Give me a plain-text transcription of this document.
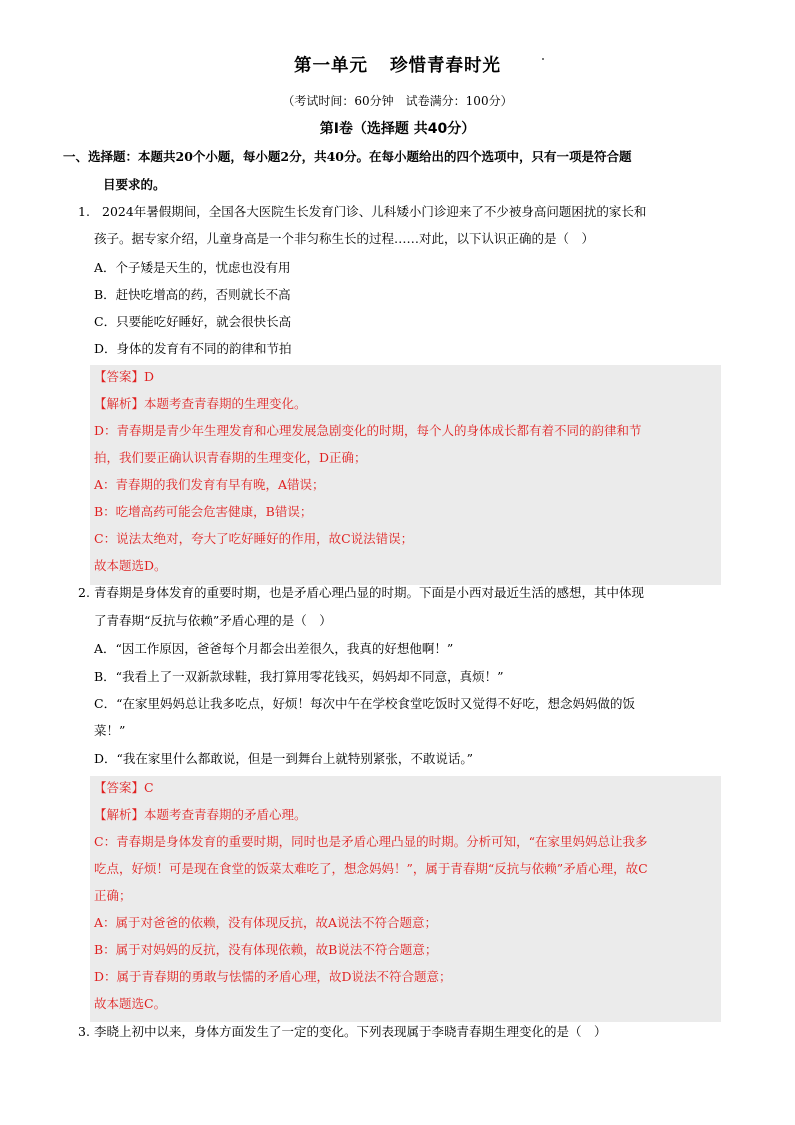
第一单元 珍惜青春时光
（考试时间：60分钟　试卷满分：100分）
第Ⅰ卷（选择题 共40分）
一、选择题：本题共20个小题，每小题2分，共40分。在每小题给出的四个选项中，只有一项是符合题
目要求的。
1. 2024年暑假期间，全国各大医院生长发育门诊、儿科矮小门诊迎来了不少被身高问题困扰的家长和
孩子。据专家介绍，儿童身高是一个非匀称生长的过程……对此，以下认识正确的是（　）
A．个子矮是天生的，忧虑也没有用
B．赶快吃增高的药，否则就长不高
C．只要能吃好睡好，就会很快长高
D．身体的发育有不同的韵律和节拍
【答案】D
【解析】本题考查青春期的生理变化。
D：青春期是青少年生理发育和心理发展急剧变化的时期，每个人的身体成长都有着不同的韵律和节
拍，我们要正确认识青春期的生理变化，D正确；
A：青春期的我们发育有早有晚，A错误；
B：吃增高药可能会危害健康，B错误；
C：说法太绝对，夸大了吃好睡好的作用，故C说法错误；
故本题选D。
2. 青春期是身体发育的重要时期，也是矛盾心理凸显的时期。下面是小西对最近生活的感想，其中体现
了青春期“反抗与依赖”矛盾心理的是（　）
A．“因工作原因，爸爸每个月都会出差很久，我真的好想他啊！”
B．“我看上了一双新款球鞋，我打算用零花钱买，妈妈却不同意，真烦！”
C．“在家里妈妈总让我多吃点，好烦！每次中午在学校食堂吃饭时又觉得不好吃，想念妈妈做的饭
菜！”
D．“我在家里什么都敢说，但是一到舞台上就特别紧张，不敢说话。”
【答案】C
【解析】本题考查青春期的矛盾心理。
C：青春期是身体发育的重要时期，同时也是矛盾心理凸显的时期。分析可知，“在家里妈妈总让我多
吃点，好烦！可是现在食堂的饭菜太难吃了，想念妈妈！”，属于青春期“反抗与依赖”矛盾心理，故C
正确；
A：属于对爸爸的依赖，没有体现反抗，故A说法不符合题意；
B：属于对妈妈的反抗，没有体现依赖，故B说法不符合题意；
D：属于青春期的勇敢与怯懦的矛盾心理，故D说法不符合题意；
故本题选C。
3. 李晓上初中以来，身体方面发生了一定的变化。下列表现属于李晓青春期生理变化的是（　）
